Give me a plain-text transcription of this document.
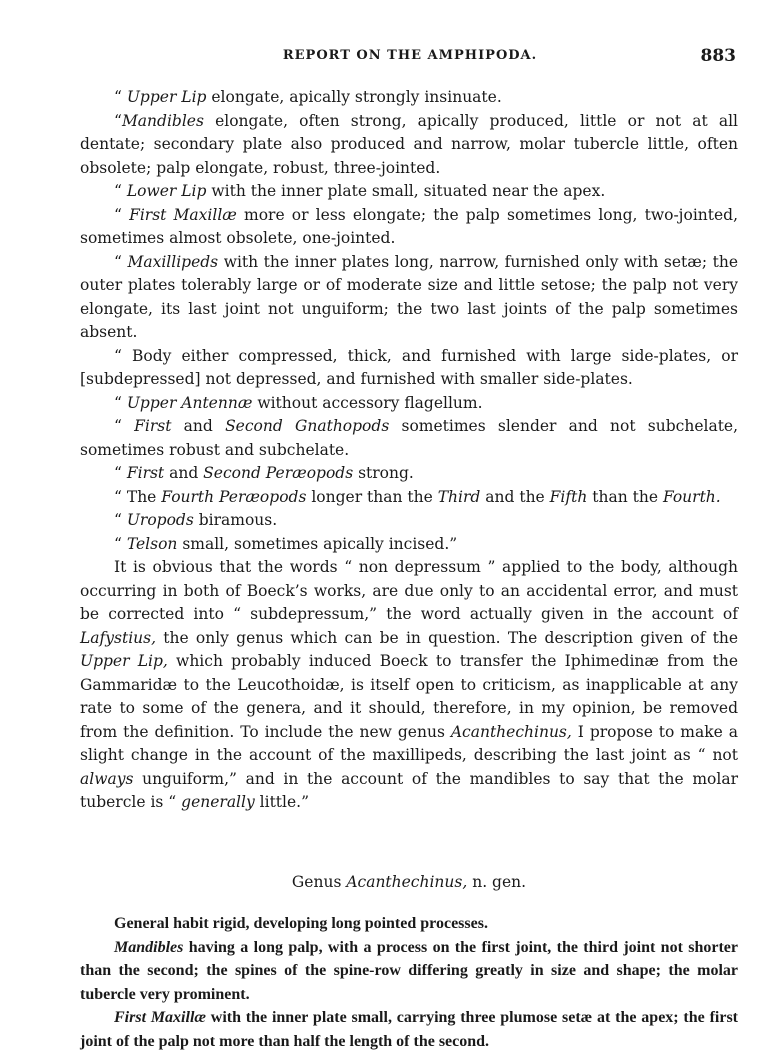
REPORT ON THE AMPHIPODA.	883

“ Upper Lip elongate, apically strongly insinuate.

“Mandibles elongate, often strong, apically produced, little or not at all dentate; secondary plate also produced and narrow, molar tubercle little, often obsolete; palp elongate, robust, three-jointed.

“ Lower Lip with the inner plate small, situated near the apex.

“ First Maxillæ more or less elongate; the palp sometimes long, two-jointed, sometimes almost obsolete, one-jointed.

“ Maxillipeds with the inner plates long, narrow, furnished only with setæ; the outer plates tolerably large or of moderate size and little setose; the palp not very elongate, its last joint not unguiform; the two last joints of the palp sometimes absent.

“ Body either compressed, thick, and furnished with large side-plates, or [subdepressed] not depressed, and furnished with smaller side-plates.

“ Upper Antennæ without accessory flagellum.

“ First and Second Gnathopods sometimes slender and not subchelate, sometimes robust and subchelate.

“ First and Second Peræopods strong.

“ The Fourth Peræopods longer than the Third and the Fifth than the Fourth.

“ Uropods biramous.

“ Telson small, sometimes apically incised.”

It is obvious that the words “ non depressum ” applied to the body, although occurring in both of Boeck’s works, are due only to an accidental error, and must be corrected into “ subdepressum,” the word actually given in the account of Lafystius, the only genus which can be in question. The description given of the Upper Lip, which probably induced Boeck to transfer the Iphimedinæ from the Gammaridæ to the Leucothoidæ, is itself open to criticism, as inapplicable at any rate to some of the genera, and it should, therefore, in my opinion, be removed from the definition. To include the new genus Acanthechinus, I propose to make a slight change in the account of the maxillipeds, describing the last joint as “ not always unguiform,” and in the account of the mandibles to say that the molar tubercle is “ generally little.”

Genus Acanthechinus, n. gen.

General habit rigid, developing long pointed processes.

Mandibles having a long palp, with a process on the first joint, the third joint not shorter than the second; the spines of the spine-row differing greatly in size and shape; the molar tubercle very prominent.

First Maxillæ with the inner plate small, carrying three plumose setæ at the apex; the first joint of the palp not more than half the length of the second.
